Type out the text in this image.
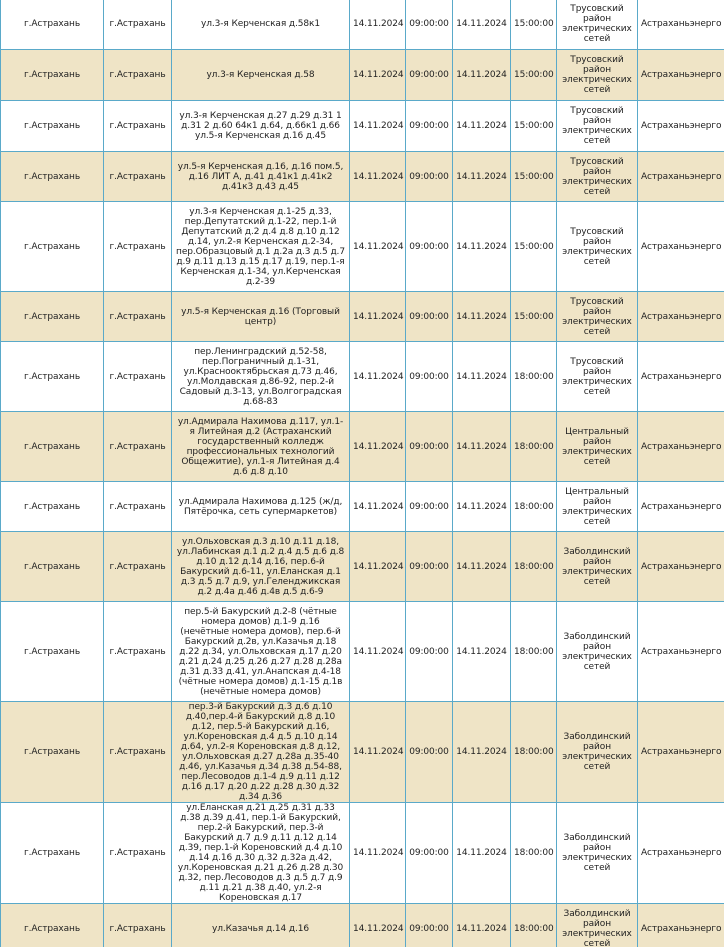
г.Астрахань	г.Астрахань	ул.3-я Керченская д.58к1	14.11.2024	09:00:00	14.11.2024	15:00:00	Трусовский район электрических сетей	Астраханьэнерго
г.Астрахань	г.Астрахань	ул.3-я Керченская д.58	14.11.2024	09:00:00	14.11.2024	15:00:00	Трусовский район электрических сетей	Астраханьэнерго
г.Астрахань	г.Астрахань	ул.3-я Керченская д.27 д.29 д.31 1 д.31 2 д.60 64к1 д.64, д.66к1 д.66 ул.5-я Керченская д.16 д.45	14.11.2024	09:00:00	14.11.2024	15:00:00	Трусовский район электрических сетей	Астраханьэнерго
г.Астрахань	г.Астрахань	ул.5-я Керченская д.16, д.16 пом.5, д.16 ЛИТ А, д.41 д.41к1 д.41к2 д.41к3 д.43 д.45	14.11.2024	09:00:00	14.11.2024	15:00:00	Трусовский район электрических сетей	Астраханьэнерго
г.Астрахань	г.Астрахань	ул.3-я Керченская д.1-25 д.33, пер.Депутатский д.1-22, пер.1-й Депутатский д.2 д.4 д.8 д.10 д.12 д.14, ул.2-я Керченская д.2-34, пер.Образцовый д.1 д.2а д.3 д.5 д.7 д.9 д.11 д.13 д.15 д.17 д.19, пер.1-я Керченская д.1-34, ул.Керченская д.2-39	14.11.2024	09:00:00	14.11.2024	15:00:00	Трусовский район электрических сетей	Астраханьэнерго
г.Астрахань	г.Астрахань	ул.5-я Керченская д.16 (Торговый центр)	14.11.2024	09:00:00	14.11.2024	15:00:00	Трусовский район электрических сетей	Астраханьэнерго
г.Астрахань	г.Астрахань	пер.Ленинградский д.52-58, пер.Пограничный д.1-31, ул.Краснооктябрьская д.73 д.46, ул.Молдавская д.86-92, пер.2-й Садовый д.3-13, ул.Волгоградская д.68-83	14.11.2024	09:00:00	14.11.2024	18:00:00	Трусовский район электрических сетей	Астраханьэнерго
г.Астрахань	г.Астрахань	ул.Адмирала Нахимова д.117, ул.1-я Литейная д.2 (Астраханский государственный колледж профессиональных технологий Общежитие), ул.1-я Литейная д.4 д.6 д.8 д.10	14.11.2024	09:00:00	14.11.2024	18:00:00	Центральный район электрических сетей	Астраханьэнерго
г.Астрахань	г.Астрахань	ул.Адмирала Нахимова д.125 (ж/д, Пятёрочка, сеть супермаркетов)	14.11.2024	09:00:00	14.11.2024	18:00:00	Центральный район электрических сетей	Астраханьэнерго
г.Астрахань	г.Астрахань	ул.Ольховская д.3 д.10 д.11 д.18, ул.Лабинская д.1 д.2 д.4 д.5 д.6 д.8 д.10 д.12 д.14 д.16, пер.6-й Бакурский д.6-11, ул.Еланская д.1 д.3 д.5 д.7 д.9, ул.Геленджикская д.2 д.4а д.46 д.4в д.5 д.6-9	14.11.2024	09:00:00	14.11.2024	18:00:00	Заболдинский район электрических сетей	Астраханьэнерго
г.Астрахань	г.Астрахань	пер.5-й Бакурский д.2-8 (чётные номера домов) д.1-9 д.16 (нечётные номера домов), пер.6-й Бакурский д.2в, ул.Казачья д.18 д.22 д.34, ул.Ольховская д.17 д.20 д.21 д.24 д.25 д.26 д.27 д.28 д.28а д.31 д.33 д.41, ул.Анапская д.4-18 (чётные номера домов) д.1-15 д.1в (нечётные номера домов)	14.11.2024	09:00:00	14.11.2024	18:00:00	Заболдинский район электрических сетей	Астраханьэнерго
г.Астрахань	г.Астрахань	пер.3-й Бакурский д.3 д.6 д.10 д.40,пер.4-й Бакурский д.8 д.10 д.12, пер.5-й Бакурский д.16, ул.Кореновская д.4 д.5 д.10 д.14 д.64, ул.2-я Кореновская д.8 д.12, ул.Ольховская д.27 д.28а д.35-40 д.46, ул.Казачья д.34 д.38 д.54-88, пер.Лесоводов д.1-4 д.9 д.11 д.12 д.16 д.17 д.20 д.22 д.28 д.30 д.32 д.34 д.36	14.11.2024	09:00:00	14.11.2024	18:00:00	Заболдинский район электрических сетей	Астраханьэнерго
г.Астрахань	г.Астрахань	ул.Еланская д.21 д.25 д.31 д.33 д.38 д.39 д.41, пер.1-й Бакурский, пер.2-й Бакурский, пер.3-й Бакурский д.7 д.9 д.11 д.12 д.14 д.39, пер.1-й Кореновский д.4 д.10 д.14 д.16 д.30 д.32 д.32а д.42, ул.Кореновская д.21 д.26 д.28 д.30 д.32, пер.Лесоводов д.3 д.5 д.7 д.9 д.11 д.21 д.38 д.40, ул.2-я Кореновская д.17	14.11.2024	09:00:00	14.11.2024	18:00:00	Заболдинский район электрических сетей	Астраханьэнерго
г.Астрахань	г.Астрахань	ул.Казачья д.14 д.16	14.11.2024	09:00:00	14.11.2024	18:00:00	Заболдинский район электрических сетей	Астраханьэнерго
